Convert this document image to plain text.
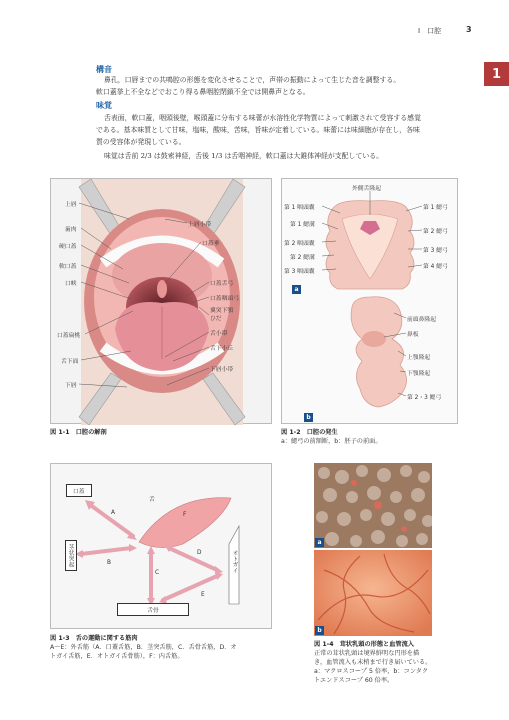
Ⅰ　口腔	3
1
構音
鼻孔，口唇までの共鳴腔の形態を変化させることで，声帯の振動によって生じた音を調整する。
軟口蓋挙上不全などでおこり得る鼻咽腔閉鎖不全では開鼻声となる。
味覚
舌表面，軟口蓋，咽頭後壁，喉頭蓋に分布する味蕾が水溶性化学物質によって刺激されて受容する感覚
である。基本味質として甘味，塩味，酸味，苦味，旨味が定着している。味蕾には味細胞が存在し，各味
質の受容体が発現している。
味覚は舌前 2/3 は鼓索神経，舌後 1/3 は舌咽神経，軟口蓋は大錐体神経が支配している。
上唇
歯肉
硬口蓋
軟口蓋
口峡
口蓋扁桃
舌下面
下唇
上唇小帯
口蓋垂
口蓋舌弓
口蓋咽頭弓
翼突下顎
ひだ
舌小帯
舌下小丘
下唇小帯
図 1-1　 口腔の解剖
外側舌隆起
第 1 咽頭囊
第 1 鰓溝
第 2 咽頭囊
第 2 鰓溝
第 3 咽頭囊
第 1 鰓弓
第 2 鰓弓
第 3 鰓弓
第 4 鰓弓
a
前頭鼻隆起
鼻板
上顎隆起
下顎隆起
第 2・3 鰓弓
b
図 1-2　 口腔の発生
a：鰓弓の前額断，b：胚子の前面。
口蓋
舌
茎状突起	オトガイ
舌骨
A
B
C
D
E
F
図 1-3　 舌の運動に関する筋肉
A～E：外舌筋（A．口蓋舌筋，B．茎突舌筋，C．舌骨舌筋，D．オ
トガイ舌筋，E．オトガイ舌骨筋），F：内舌筋。
a
b
図 1-4　 茸状乳頭の形態と血管流入
正常の茸状乳頭は境界鮮明な円形を描
き，血管流入も末梢まで行き届いている。
a：マクロスコープ 5 倍率，b：コンタク
トエンドスコープ 60 倍率。
